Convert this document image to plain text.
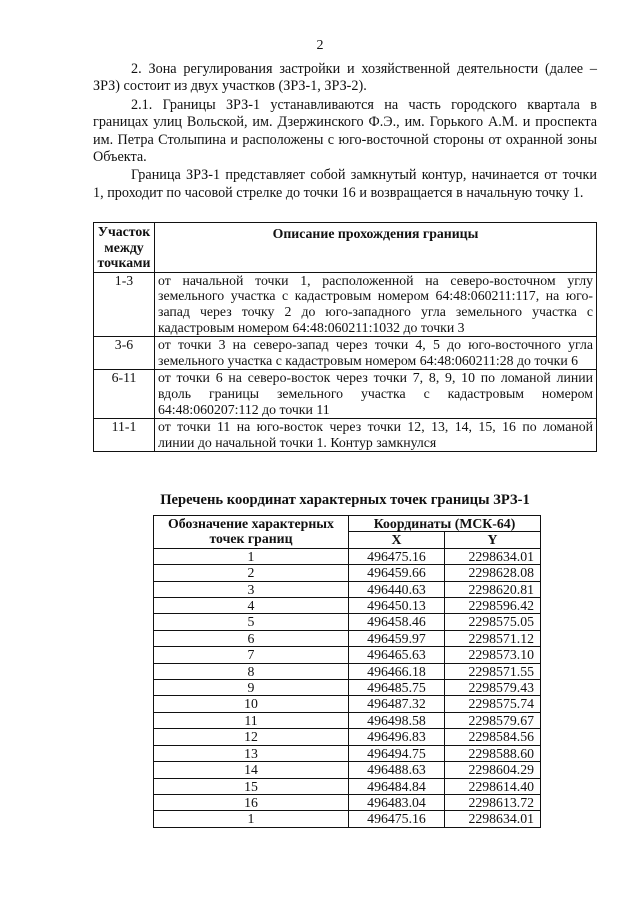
2

2. Зона регулирования застройки и хозяйственной деятельности (далее – ЗРЗ) состоит из двух участков (ЗРЗ-1, ЗРЗ-2).

2.1. Границы ЗРЗ-1 устанавливаются на часть городского квартала в границах улиц Вольской, им. Дзержинского Ф.Э., им. Горького А.М. и проспекта им. Петра Столыпина и расположены с юго-восточной стороны от охранной зоны Объекта.

Граница ЗРЗ-1 представляет собой замкнутый контур, начинается от точки 1, проходит по часовой стрелке до точки 16 и возвращается в начальную точку 1.

Участок между точками	Описание прохождения границы
1-3	от начальной точки 1, расположенной на северо-восточном углу земельного участка с кадастровым номером 64:48:060211:117, на юго-запад через точку 2 до юго-западного угла земельного участка с кадастровым номером 64:48:060211:1032 до точки 3
3-6	от точки 3 на северо-запад через точки 4, 5 до юго-восточного угла земельного участка с кадастровым номером 64:48:060211:28 до точки 6
6-11	от точки 6 на северо-восток через точки 7, 8, 9, 10 по ломаной линии вдоль границы земельного участка с кадастровым номером 64:48:060207:112 до точки 11
11-1	от точки 11 на юго-восток через точки 12, 13, 14, 15, 16 по ломаной линии до начальной точки 1. Контур замкнулся
Перечень координат характерных точек границы ЗРЗ-1
Обозначение характерных точек границ	Координаты (МСК-64)	
	X	Y
1	496475.16	2298634.01
2	496459.66	2298628.08
3	496440.63	2298620.81
4	496450.13	2298596.42
5	496458.46	2298575.05
6	496459.97	2298571.12
7	496465.63	2298573.10
8	496466.18	2298571.55
9	496485.75	2298579.43
10	496487.32	2298575.74
11	496498.58	2298579.67
12	496496.83	2298584.56
13	496494.75	2298588.60
14	496488.63	2298604.29
15	496484.84	2298614.40
16	496483.04	2298613.72
1	496475.16	2298634.01
